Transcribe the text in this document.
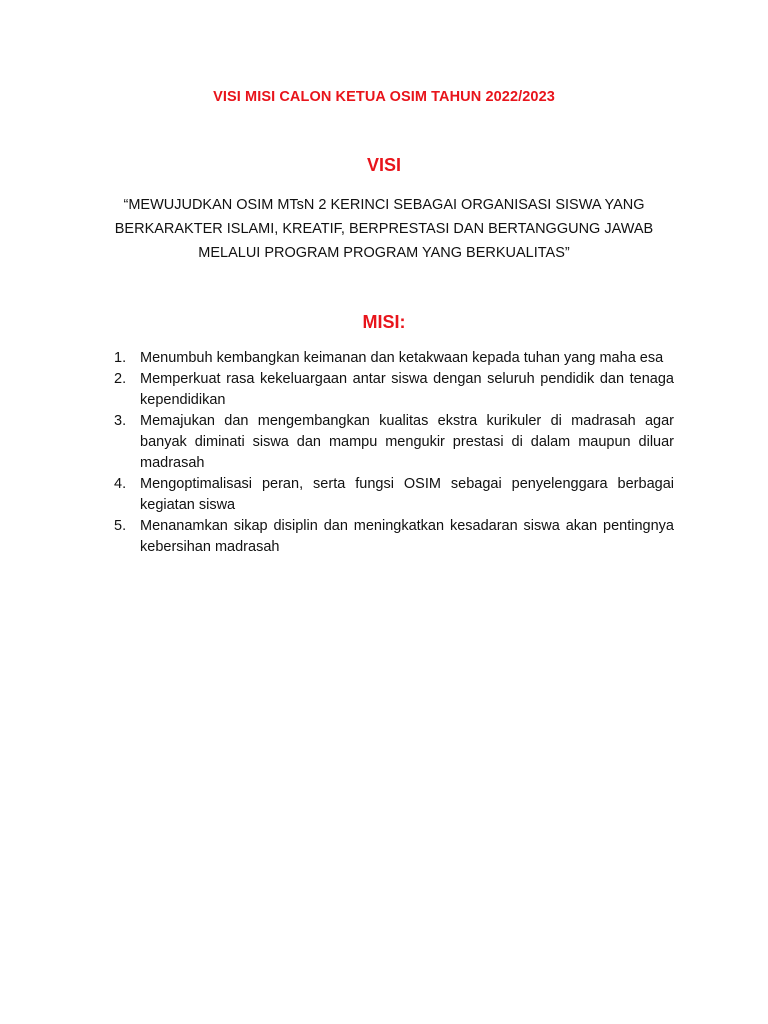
VISI MISI CALON KETUA OSIM TAHUN 2022/2023
VISI
“MEWUJUDKAN OSIM MTsN 2 KERINCI SEBAGAI ORGANISASI SISWA YANG
BERKARAKTER ISLAMI, KREATIF, BERPRESTASI DAN BERTANGGUNG JAWAB
MELALUI PROGRAM PROGRAM YANG BERKUALITAS”
MISI:
1. Menumbuh kembangkan keimanan dan ketakwaan kepada tuhan yang maha esa
2. Memperkuat rasa kekeluargaan antar siswa dengan seluruh pendidik dan tenaga kependidikan
3. Memajukan dan mengembangkan kualitas ekstra kurikuler di madrasah agar banyak diminati siswa dan mampu mengukir prestasi di dalam maupun diluar madrasah
4. Mengoptimalisasi peran, serta fungsi OSIM sebagai penyelenggara berbagai kegiatan siswa
5. Menanamkan sikap disiplin dan meningkatkan kesadaran siswa akan pentingnya kebersihan madrasah
